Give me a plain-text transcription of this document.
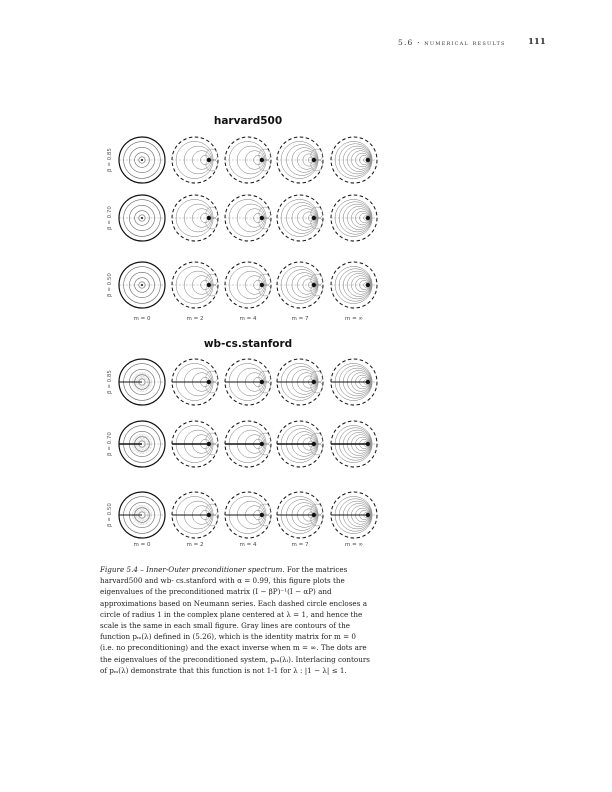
5.6 · numerical results	111
harvard500
wb-cs.stanford
β = 0.85
β = 0.70
β = 0.50
m = 0	m = 2	m = 4	m = 7	m = ∞
β = 0.85
β = 0.70
β = 0.50
m = 0	m = 2	m = 4	m = 7	m = ∞
Figure 5.4 – Inner-Outer preconditioner spectrum. For the matrices harvard500 and wb- cs.stanford with α = 0.99, this figure plots the eigenvalues of the preconditioned matrix (I − βP)⁻¹(I − αP) and approximations based on Neumann series. Each dashed circle encloses a circle of radius 1 in the complex plane centered at λ = 1, and hence the scale is the same in each small figure. Gray lines are contours of the function pₘ(λ) defined in (5.26), which is the identity matrix for m = 0 (i.e. no preconditioning) and the exact inverse when m = ∞. The dots are the eigenvalues of the preconditioned system, pₘ(λᵢ). Interlacing contours of pₘ(λ) demonstrate that this function is not 1-1 for λ : |1 − λ| ≤ 1.
